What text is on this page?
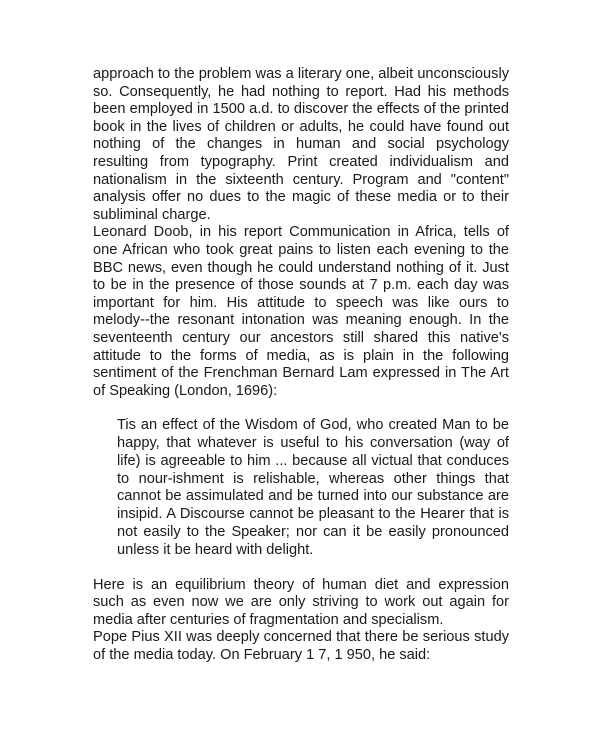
approach to the problem was a literary one, albeit unconsciously so. Consequently, he had nothing to report. Had his methods been employed in 1500 a.d. to discover the effects of the printed book in the lives of children or adults, he could have found out nothing of the changes in human and social psychology resulting from typography. Print created individualism and nationalism in the sixteenth century. Program and "content" analysis offer no dues to the magic of these media or to their subliminal charge.

Leonard Doob, in his report Communication in Africa, tells of one African who took great pains to listen each evening to the BBC news, even though he could understand nothing of it. Just to be in the presence of those sounds at 7 p.m. each day was important for him. His attitude to speech was like ours to melody--the resonant intonation was meaning enough. In the seventeenth century our ancestors still shared this native's attitude to the forms of media, as is plain in the following sentiment of the Frenchman Bernard Lam expressed in The Art of Speaking (London, 1696):

Tis an effect of the Wisdom of God, who created Man to be happy, that whatever is useful to his conversation (way of life) is agreeable to him ... because all victual that conduces to nour-ishment is relishable, whereas other things that cannot be assimulated and be turned into our substance are insipid. A Discourse cannot be pleasant to the Hearer that is not easily to the Speaker; nor can it be easily pronounced unless it be heard with delight.

Here is an equilibrium theory of human diet and expression such as even now we are only striving to work out again for media after centuries of fragmentation and specialism.

Pope Pius XII was deeply concerned that there be serious study of the media today. On February 1 7, 1 950, he said:
